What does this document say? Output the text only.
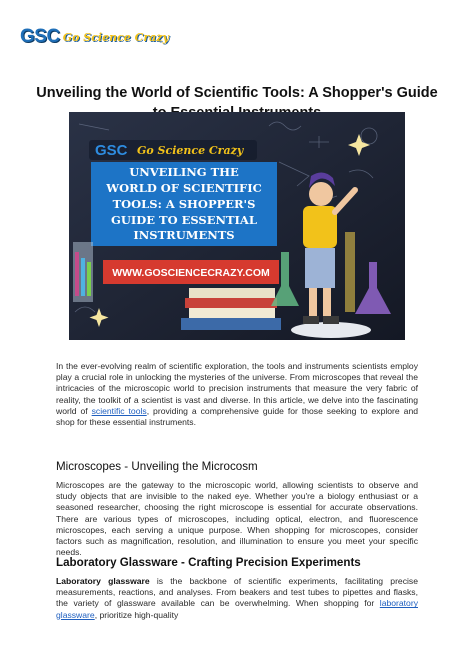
GSC Go Science Crazy
Unveiling the World of Scientific Tools: A Shopper's Guide
GSC Go Science Crazy
UNVEILING THE
WORLD OF SCIENTIFIC
TOOLS: A SHOPPER'S
GUIDE TO ESSENTIAL
INSTRUMENTS
WWW.GOSCIENCECRAZY.COM

In the ever-evolving realm of scientific exploration, the tools and instruments scientists employ play a crucial role in unlocking the mysteries of the universe. From microscopes that reveal the intricacies of the microscopic world to precision instruments that measure the very fabric of reality, the toolkit of a scientist is vast and diverse. In this article, we delve into the fascinating world of scientific tools, providing a comprehensive guide for those seeking to explore and shop for these essential instruments.

Microscopes - Unveiling the Microcosm

Microscopes are the gateway to the microscopic world, allowing scientists to observe and study objects that are invisible to the naked eye. Whether you're a biology enthusiast or a seasoned researcher, choosing the right microscope is essential for accurate observations. There are various types of microscopes, including optical, electron, and fluorescence microscopes, each serving a unique purpose. When shopping for microscopes, consider factors such as magnification, resolution, and illumination to ensure you meet your specific needs.

Laboratory Glassware - Crafting Precision Experiments

Laboratory glassware is the backbone of scientific experiments, facilitating precise measurements, reactions, and analyses. From beakers and test tubes to pipettes and flasks, the variety of glassware available can be overwhelming. When shopping for laboratory glassware, prioritize high-quality
